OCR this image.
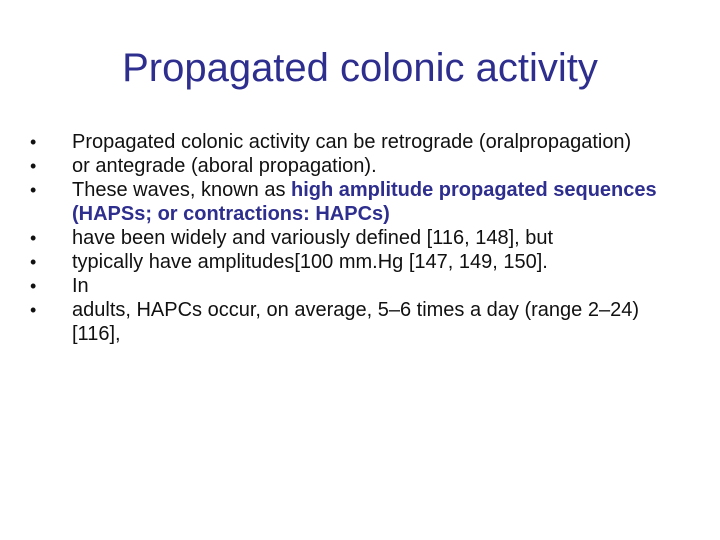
Propagated colonic activity
•	Propagated colonic activity can be retrograde (oralpropagation)
•	or antegrade (aboral propagation).
•	These waves, known as high amplitude propagated sequences (HAPSs; or contractions: HAPCs)
•	have been widely and variously defined [116, 148], but
•	typically have amplitudes[100 mm.Hg [147, 149, 150].
•	In
•	adults, HAPCs occur, on average, 5–6 times a day (range 2–24) [116],
